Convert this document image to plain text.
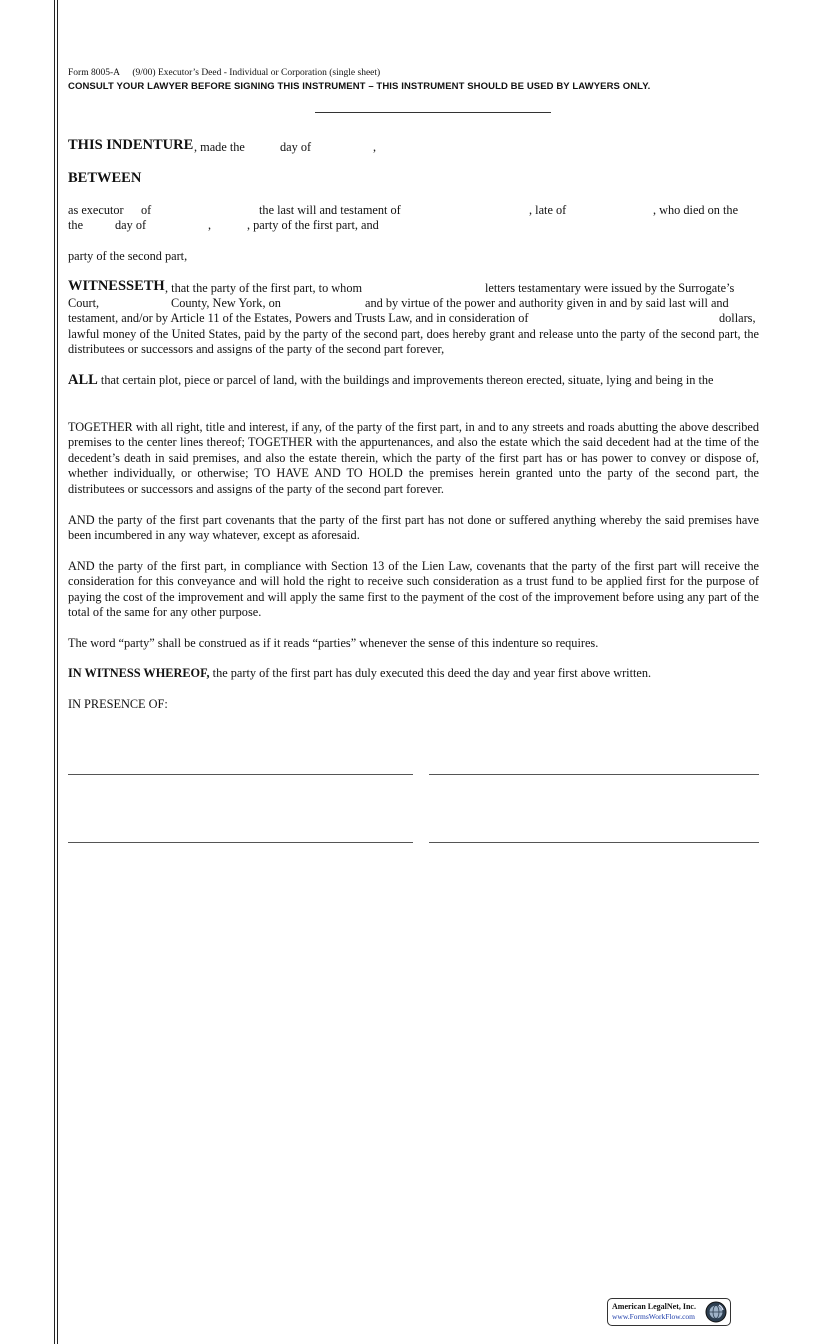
Form 8005-A (9/00) Executor’s Deed - Individual or Corporation (single sheet)
CONSULT YOUR LAWYER BEFORE SIGNING THIS INSTRUMENT – THIS INSTRUMENT SHOULD BE USED BY LAWYERS ONLY.
THIS INDENTURE , made the	day of	,
BETWEEN
as executor of	the last will and testament of	, late of	, who died on the
the	day of	,	, party of the first part, and
party of the second part,
WITNESSETH , that the party of the first part, to whom	letters testamentary were issued by the Surrogate’s
Court,	County, New York, on	and by virtue of the power and authority given in and by said last will and
testament, and/or by Article 11 of the Estates, Powers and Trusts Law, and in consideration of	dollars,
lawful money of the United States, paid by the party of the second part, does hereby grant and release unto the party of the second part, the distributees or successors and assigns of the party of the second part forever,
ALL that certain plot, piece or parcel of land, with the buildings and improvements thereon erected, situate, lying and being in the
TOGETHER with all right, title and interest, if any, of the party of the first part, in and to any streets and roads abutting the above described premises to the center lines thereof; TOGETHER with the appurtenances, and also the estate which the said decedent had at the time of the decedent’s death in said premises, and also the estate therein, which the party of the first part has or has power to convey or dispose of, whether individually, or otherwise; TO HAVE AND TO HOLD the premises herein granted unto the party of the second part, the distributees or successors and assigns of the party of the second part forever.
AND the party of the first part covenants that the party of the first part has not done or suffered anything whereby the said premises have been incumbered in any way whatever, except as aforesaid.
AND the party of the first part, in compliance with Section 13 of the Lien Law, covenants that the party of the first part will receive the consideration for this conveyance and will hold the right to receive such consideration as a trust fund to be applied first for the purpose of paying the cost of the improvement and will apply the same first to the payment of the cost of the improvement before using any part of the total of the same for any other purpose.
The word “party” shall be construed as if it reads “parties” whenever the sense of this indenture so requires.
IN WITNESS WHEREOF, the party of the first part has duly executed this deed the day and year first above written.
IN PRESENCE OF:
American LegalNet, Inc.
www.FormsWorkFlow.com
